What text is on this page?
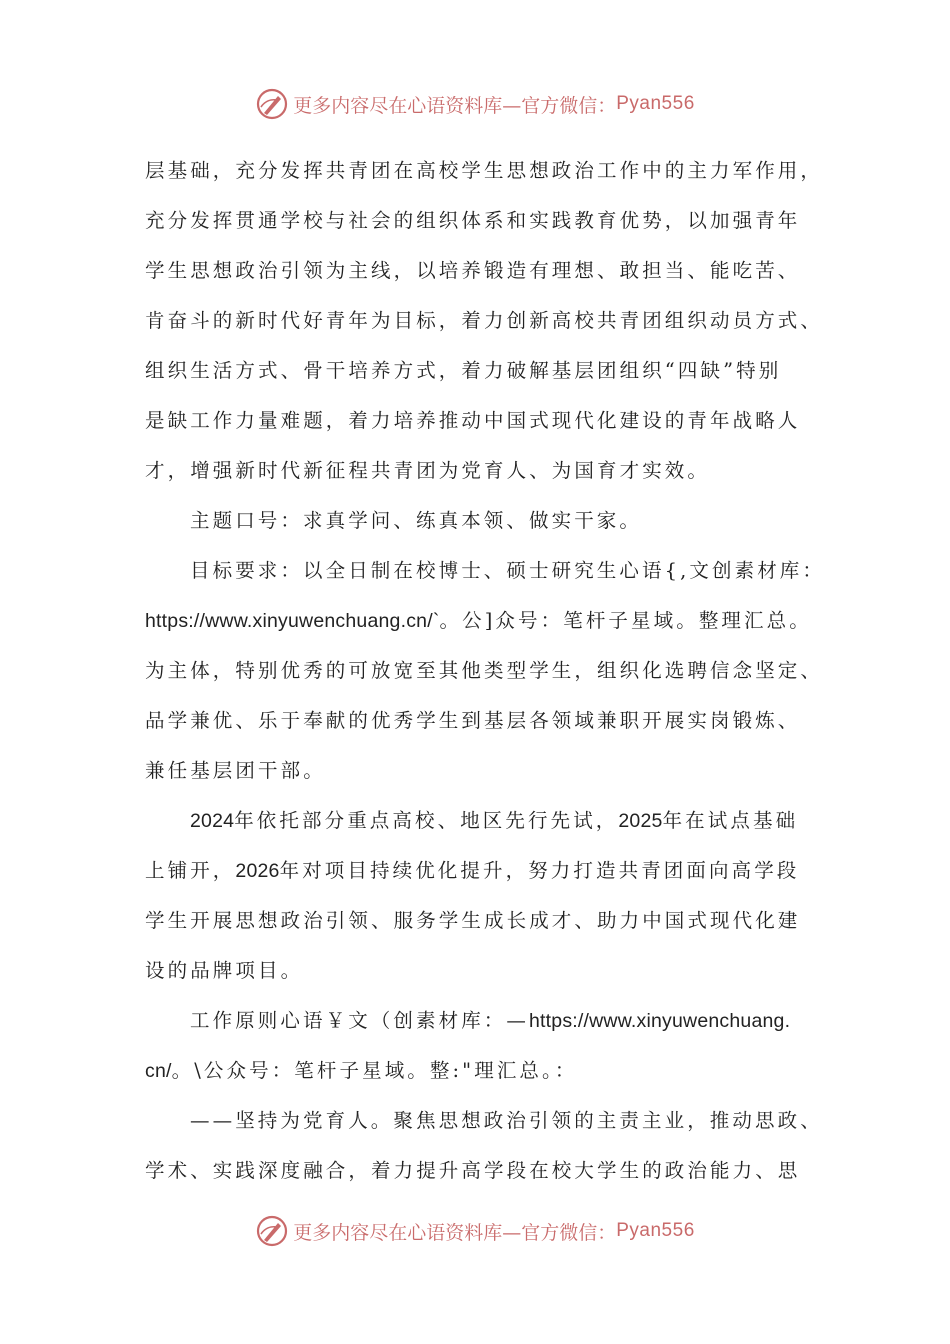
更多内容尽在心语资料库—官方微信： Pyan556
层基础，充分发挥共青团在高校学生思想政治工作中的主力军作用，
充分发挥贯通学校与社会的组织体系和实践教育优势，以加强青年
学生思想政治引领为主线，以培养锻造有理想、敢担当、能吃苦、
肯奋斗的新时代好青年为目标，着力创新高校共青团组织动员方式、
组织生活方式、骨干培养方式，着力破解基层团组织“四缺”特别
是缺工作力量难题，着力培养推动中国式现代化建设的青年战略人
才，增强新时代新征程共青团为党育人、为国育才实效。
主题口号：求真学问、练真本领、做实干家。
目标要求：以全日制在校博士、硕士研究生心语{,文创素材库：
https://www.xinyuwenchuang.cn/`。公]众号：笔杆子星域。整理汇总。
为主体，特别优秀的可放宽至其他类型学生，组织化选聘信念坚定、
品学兼优、乐于奉献的优秀学生到基层各领域兼职开展实岗锻炼、
兼任基层团干部。
2024年依托部分重点高校、地区先行先试，2025年在试点基础
上铺开，2026年对项目持续优化提升，努力打造共青团面向高学段
学生开展思想政治引领、服务学生成长成才、助力中国式现代化建
设的品牌项目。
工作原则心语￥文（创素材库：—https://www.xinyuwenchuang.
cn/。\公众号：笔杆子星域。整:"理汇总。：
——坚持为党育人。聚焦思想政治引领的主责主业，推动思政、
学术、实践深度融合，着力提升高学段在校大学生的政治能力、思
更多内容尽在心语资料库—官方微信： Pyan556
